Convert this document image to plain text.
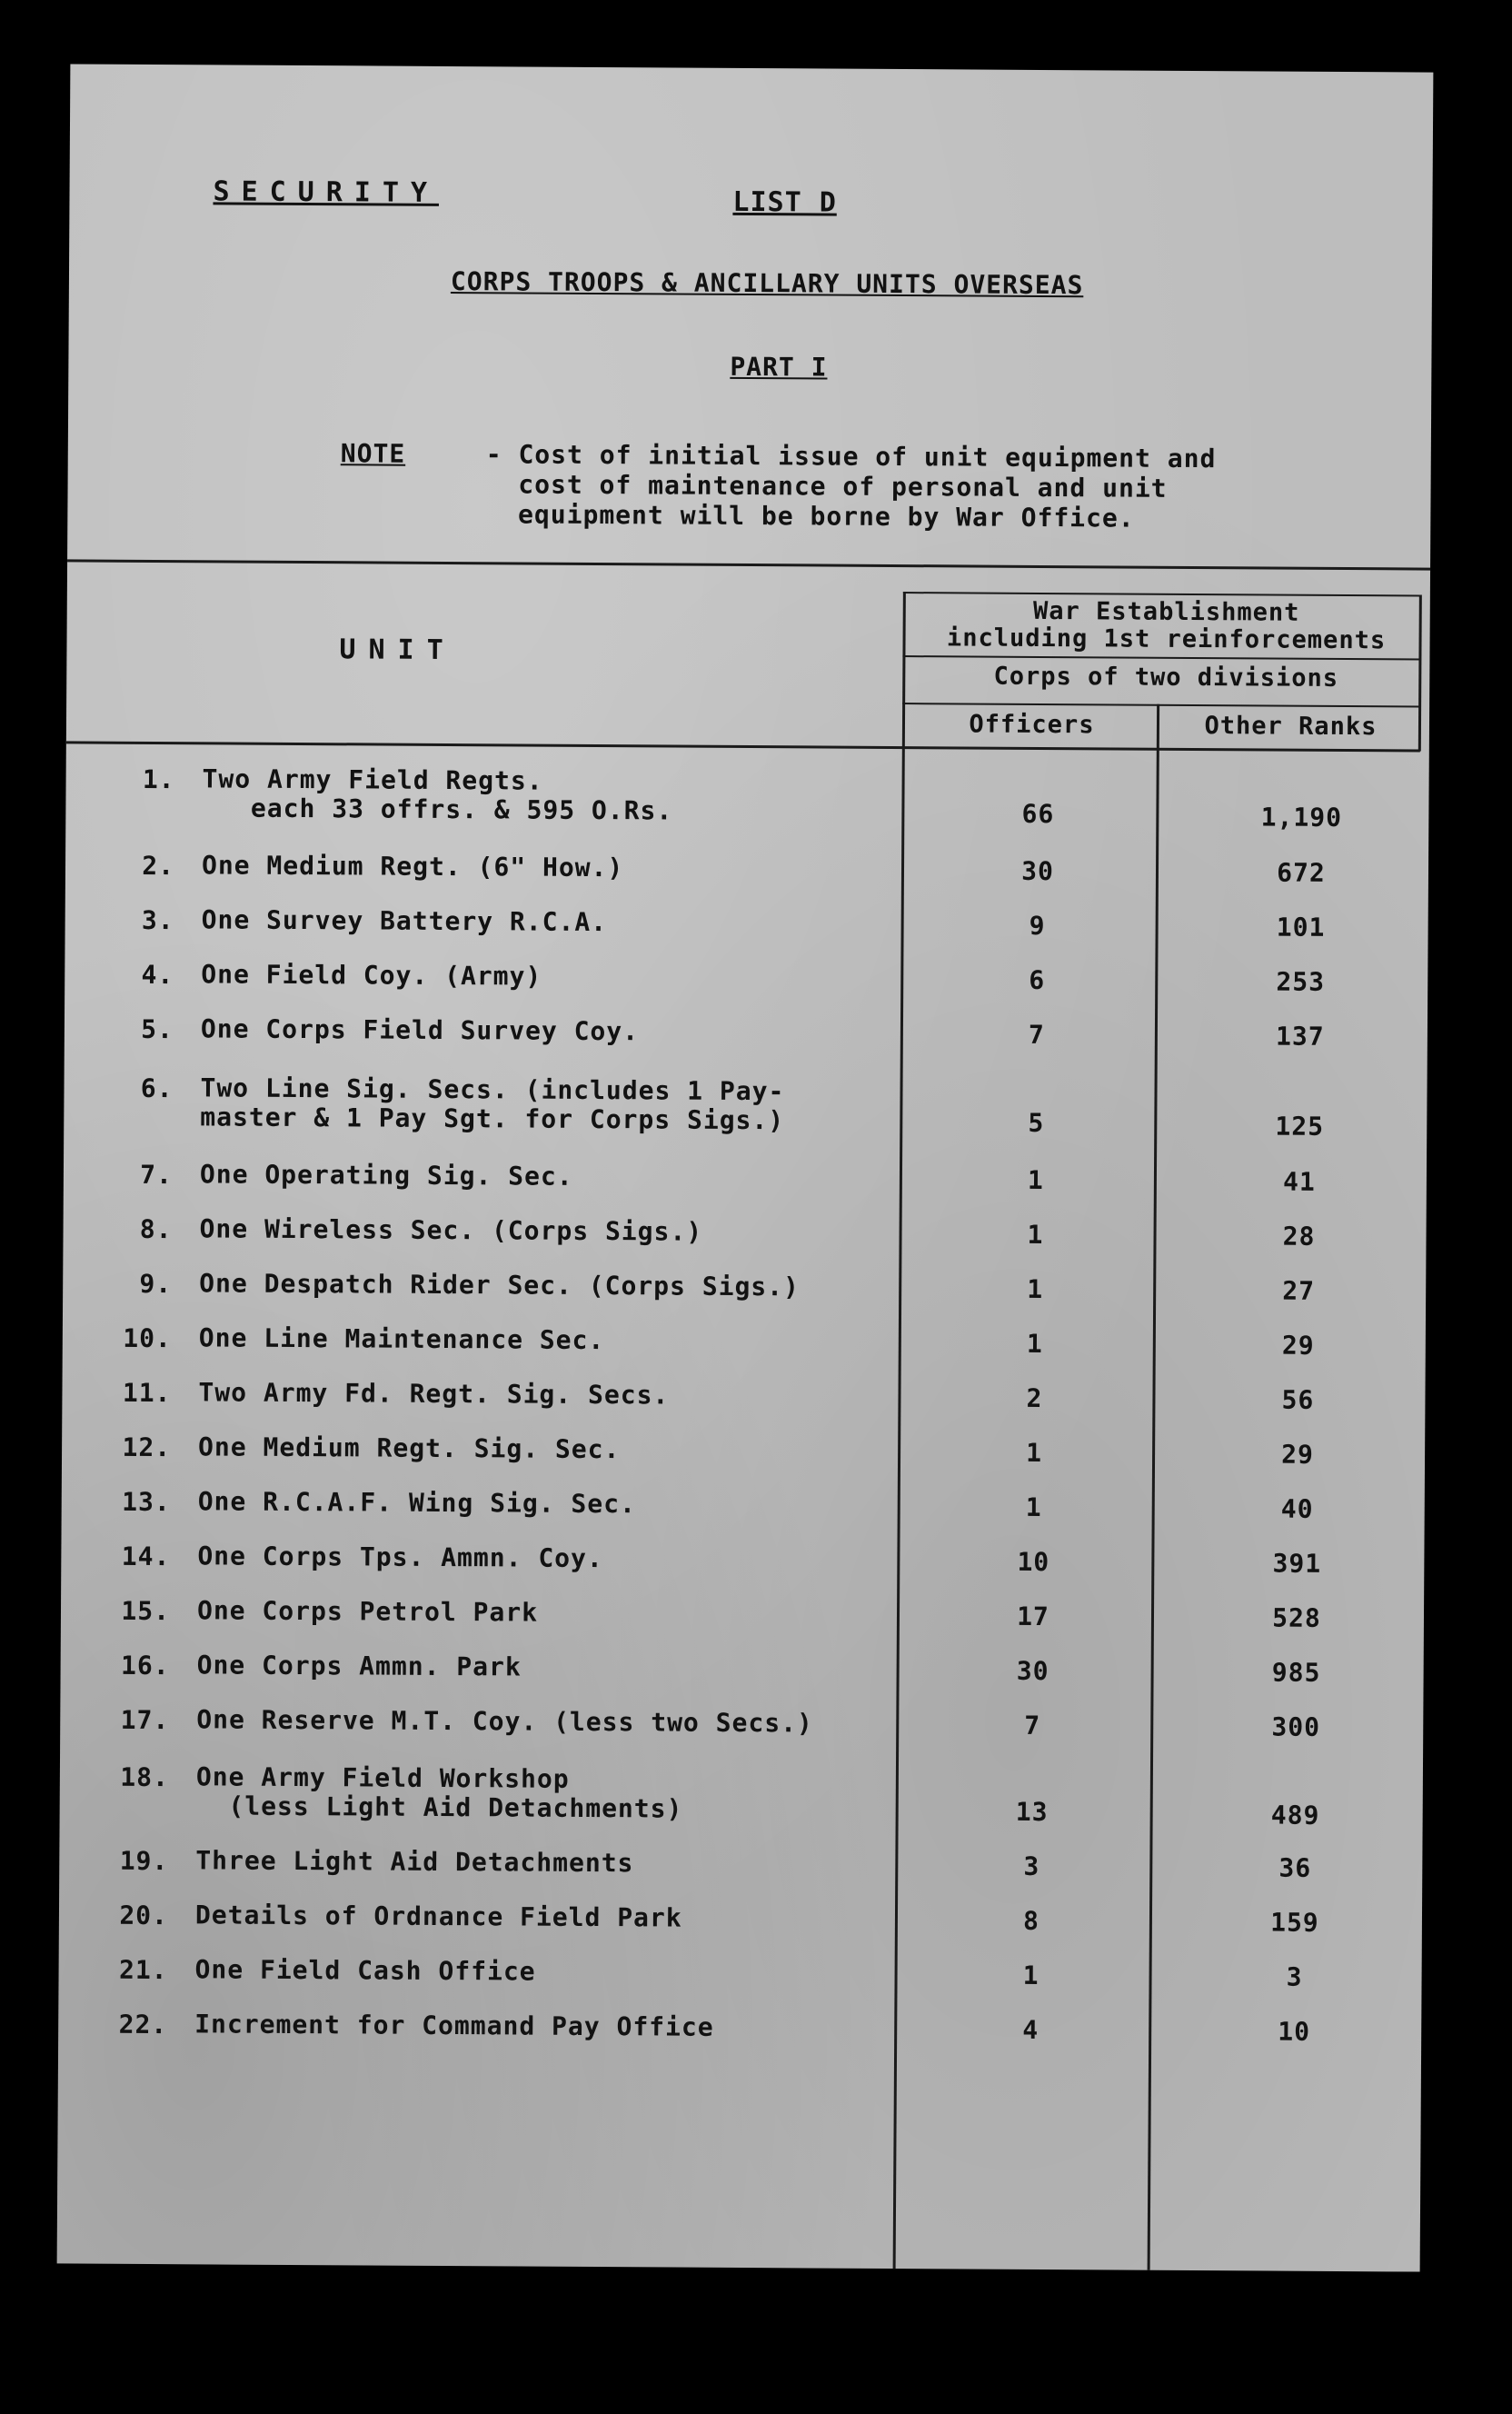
SECURITY	LIST D
CORPS TROOPS & ANCILLARY UNITS OVERSEAS
PART I
NOTE	- Cost of initial issue of unit equipment and
cost of maintenance of personal and unit
equipment will be borne by War Office.
UNIT
War Establishment
including 1st reinforcements
Corps of two divisions
Officers	Other Ranks
1. Two Army Field Regts.
each 33 offrs. & 595 O.Rs.	66	1,190
2. One Medium Regt. (6" How.)	30	672
3. One Survey Battery R.C.A.	9	101
4. One Field Coy. (Army)	6	253
5. One Corps Field Survey Coy.	7	137
6. Two Line Sig. Secs. (includes 1 Pay-
master & 1 Pay Sgt. for Corps Sigs.)	5	125
7. One Operating Sig. Sec.	1	41
8. One Wireless Sec. (Corps Sigs.)	1	28
9. One Despatch Rider Sec. (Corps Sigs.)	1	27
10. One Line Maintenance Sec.	1	29
11. Two Army Fd. Regt. Sig. Secs.	2	56
12. One Medium Regt. Sig. Sec.	1	29
13. One R.C.A.F. Wing Sig. Sec.	1	40
14. One Corps Tps. Ammn. Coy.	10	391
15. One Corps Petrol Park	17	528
16. One Corps Ammn. Park	30	985
17. One Reserve M.T. Coy. (less two Secs.)	7	300
18. One Army Field Workshop
(less Light Aid Detachments)	13	489
19. Three Light Aid Detachments	3	36
20. Details of Ordnance Field Park	8	159
21. One Field Cash Office	1	3
22. Increment for Command Pay Office	4	10
